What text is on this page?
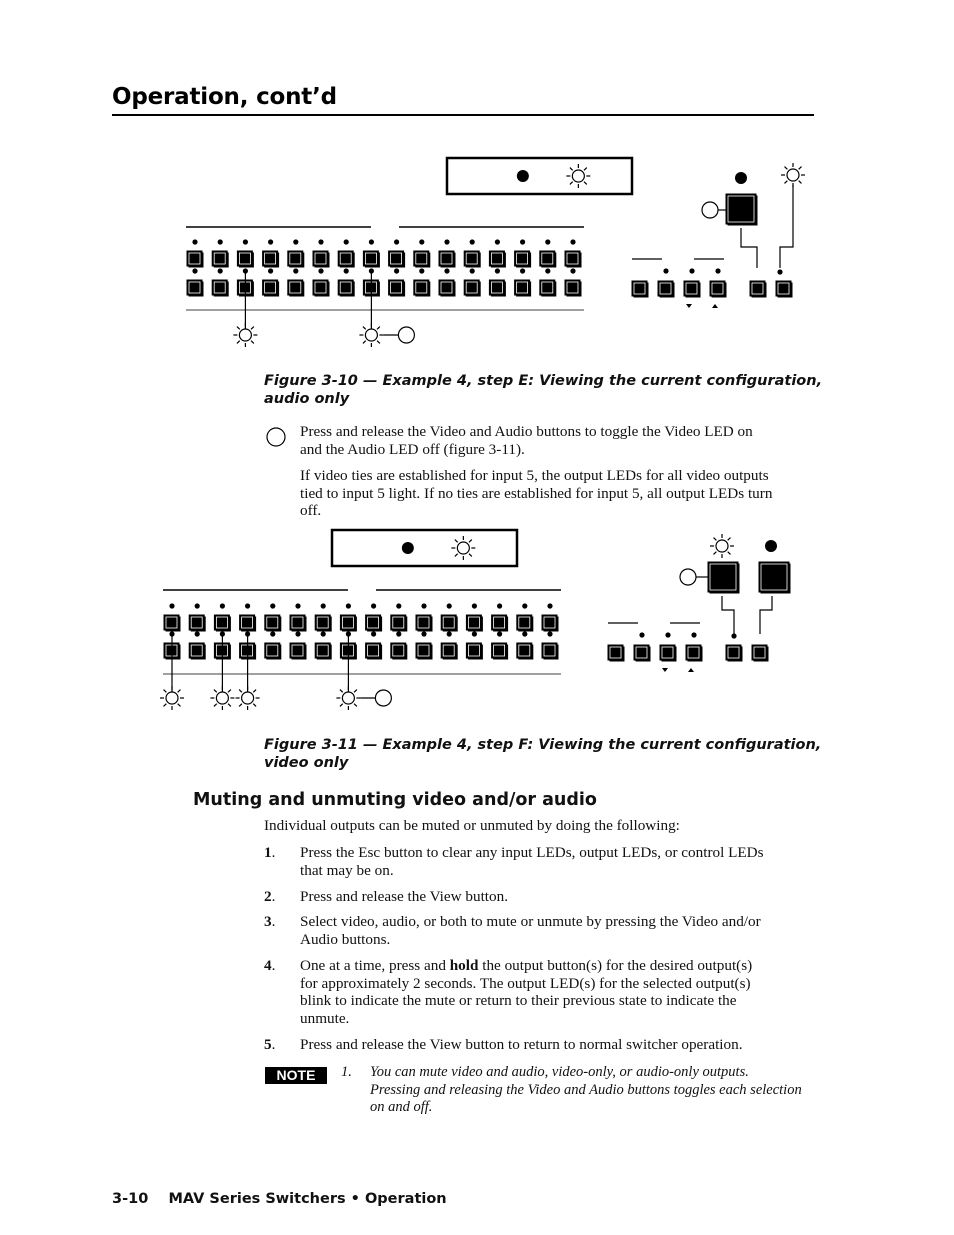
Operation, cont’d
Figure 3-10 — Example 4, step E: Viewing the current configuration,
audio only
Press and release the Video and Audio buttons to toggle the Video LED on
and the Audio LED off (figure 3-11).
If video ties are established for input 5, the output LEDs for all video outputs
tied to input 5 light. If no ties are established for input 5, all output LEDs turn
off.
Figure 3-11 — Example 4, step F: Viewing the current configuration,
video only
Muting and unmuting video and/or audio
Individual outputs can be muted or unmuted by doing the following:
1. Press the Esc button to clear any input LEDs, output LEDs, or control LEDs
that may be on.
2. Press and release the View button.
3. Select video, audio, or both to mute or unmute by pressing the Video and/or
Audio buttons.
4. One at a time, press and hold the output button(s) for the desired output(s)
for approximately 2 seconds. The output LED(s) for the selected output(s)
blink to indicate the mute or return to their previous state to indicate the
unmute.
5. Press and release the View button to return to normal switcher operation.
NOTE	1. You can mute video and audio, video-only, or audio-only outputs.
Pressing and releasing the Video and Audio buttons toggles each selection
on and off.
3-10    MAV Series Switchers • Operation
